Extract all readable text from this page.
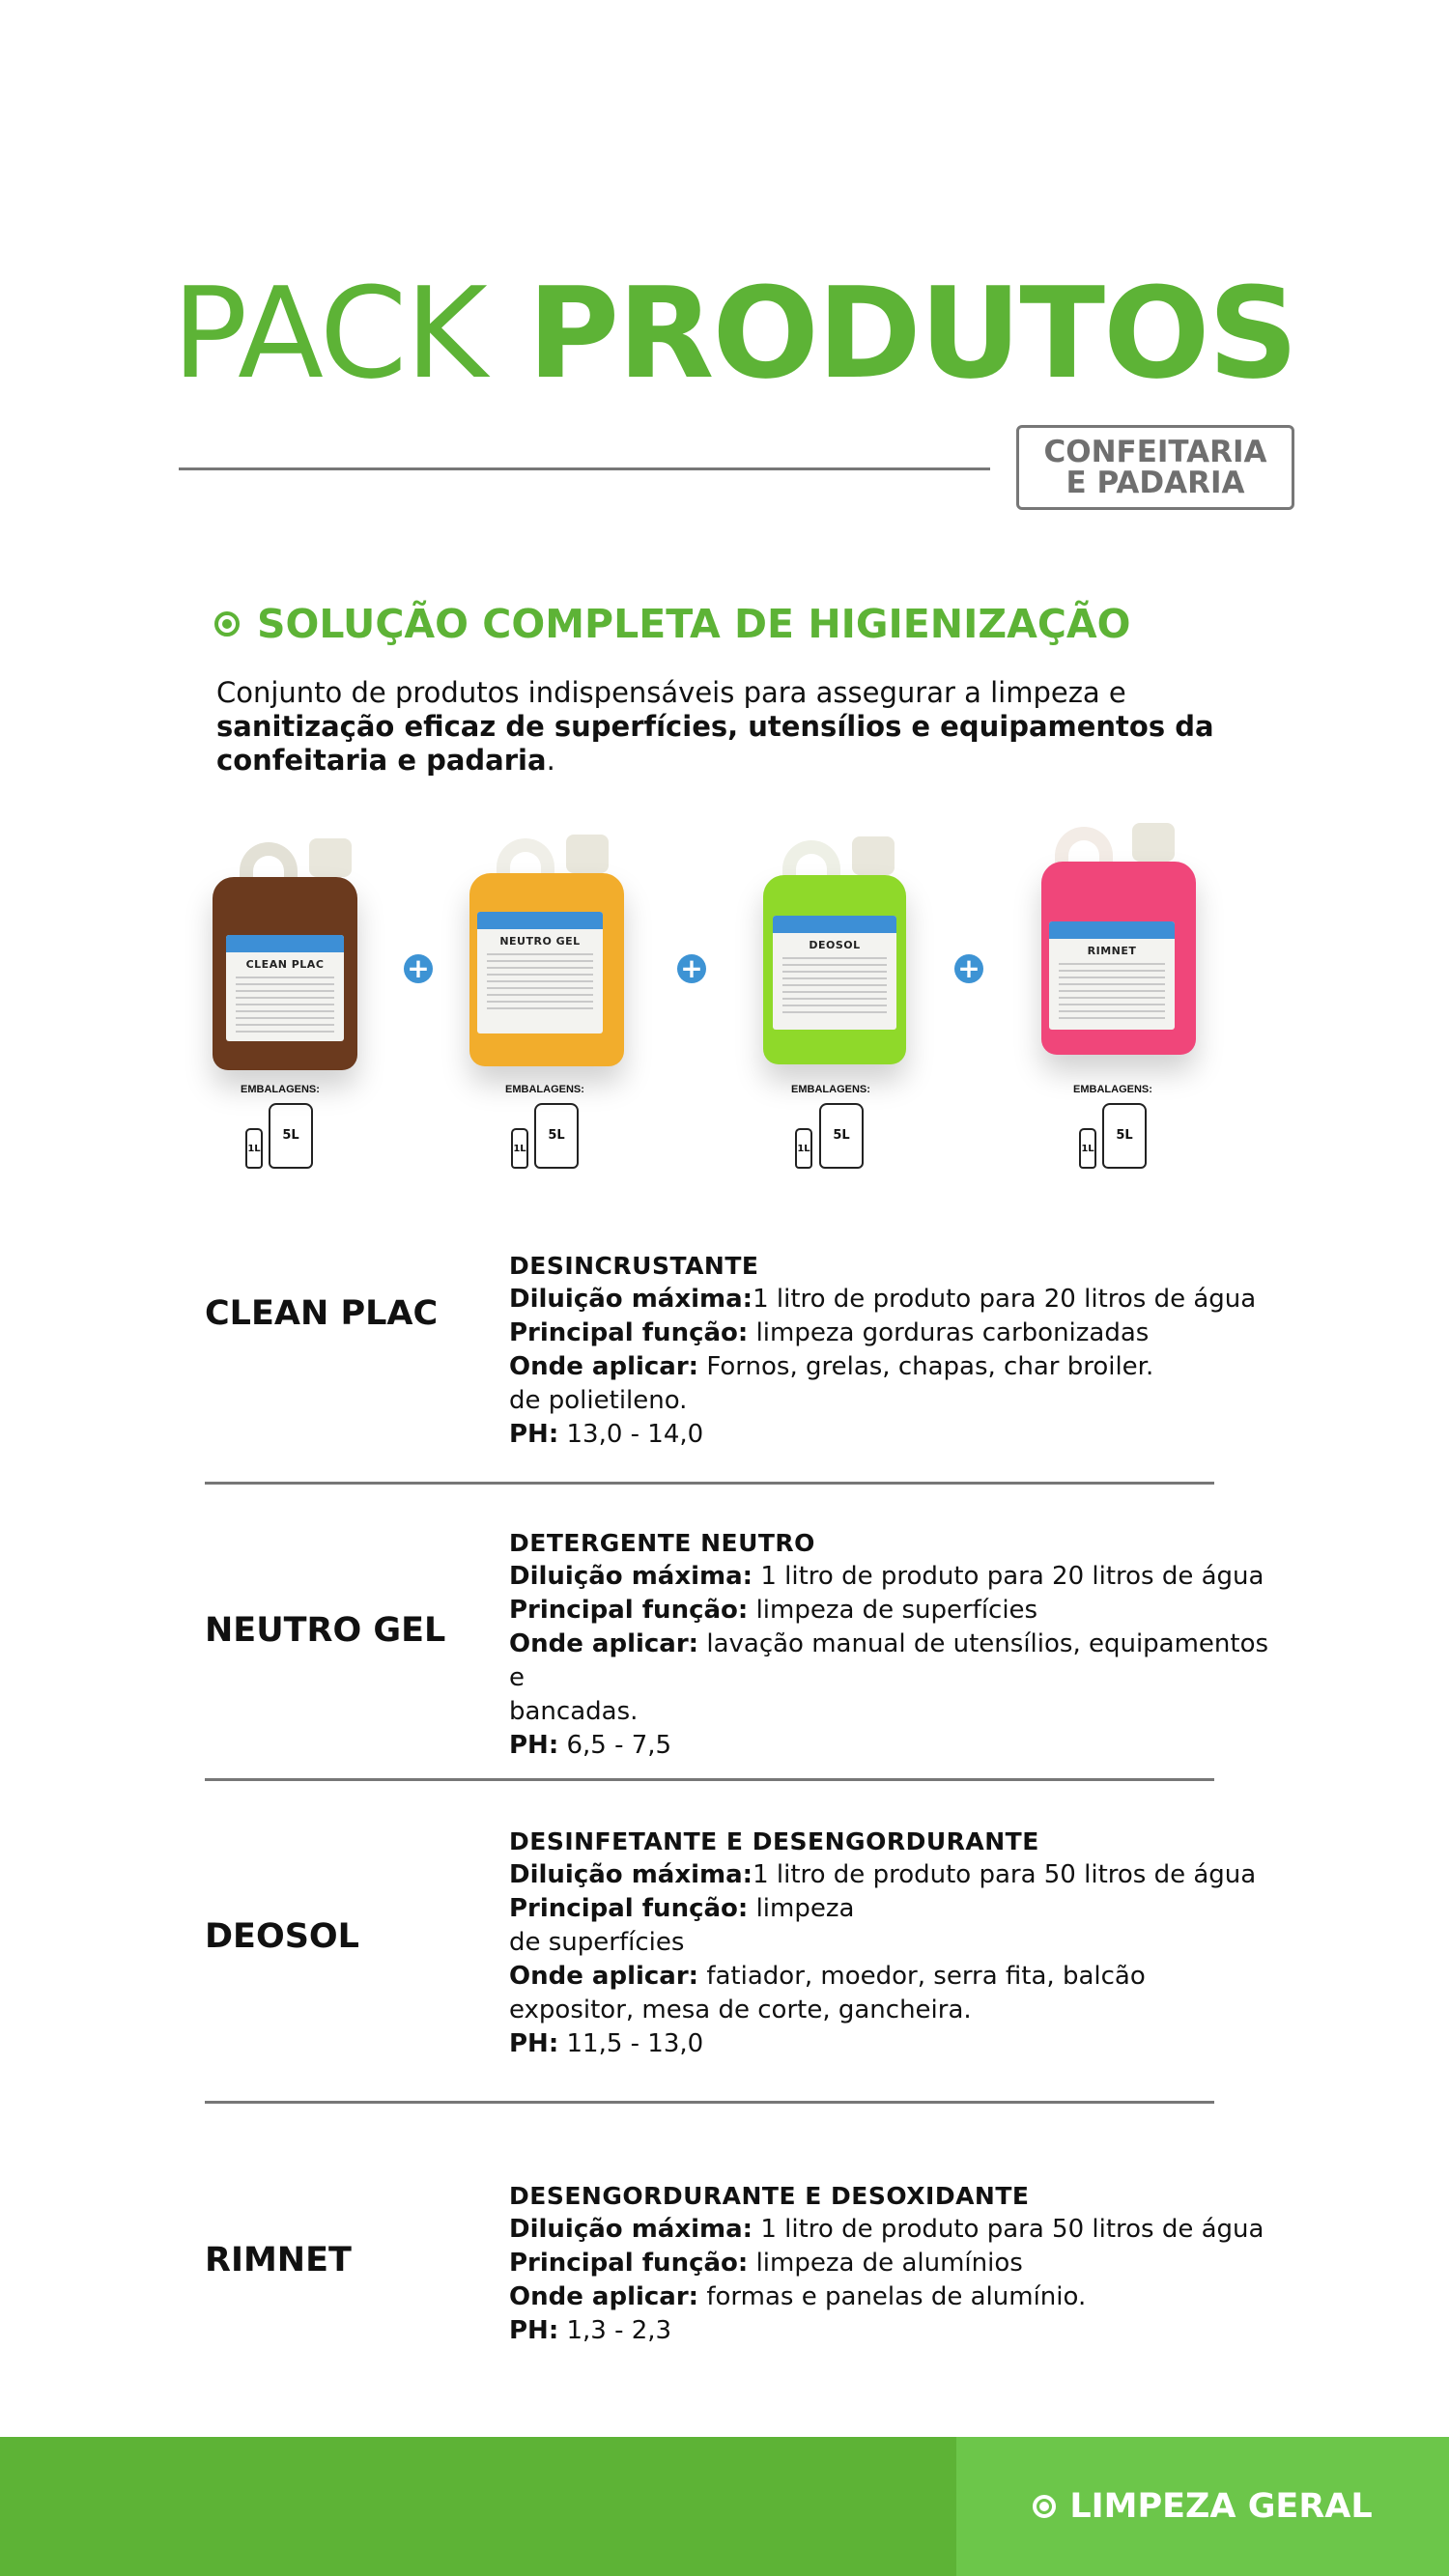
PACK PRODUTOS
CONFEITARIA
E PADARIA
SOLUÇÃO COMPLETA DE HIGIENIZAÇÃO

Conjunto de produtos indispensáveis para assegurar a limpeza e
sanitização eficaz de superfícies, utensílios e equipamentos da confeitaria e padaria.

CLEAN PLAC	+
NEUTRO GEL
+
DEOSOL
+
RIMNET
EMBALAGENS:
1L
5L
EMBALAGENS:
1L
5L
EMBALAGENS:
1L
5L
EMBALAGENS:
1L
5L
CLEAN PLAC
DESINCRUSTANTE
Diluição máxima:1 litro de produto para 20 litros de água
Principal função: limpeza gorduras carbonizadas
Onde aplicar: Fornos, grelas, chapas, char broiler.
de polietileno.
PH: 13,0 - 14,0
NEUTRO GEL
DETERGENTE NEUTRO
Diluição máxima: 1 litro de produto para 20 litros de água
Principal função: limpeza de superfícies
Onde aplicar: lavação manual de utensílios, equipamentos e
bancadas.
PH: 6,5 - 7,5
DEOSOL
DESINFETANTE E DESENGORDURANTE
Diluição máxima:1 litro de produto para 50 litros de água
Principal função: limpeza
de superfícies
Onde aplicar: fatiador, moedor, serra fita, balcão
expositor, mesa de corte, gancheira.
PH: 11,5 - 13,0
RIMNET
DESENGORDURANTE E DESOXIDANTE
Diluição máxima: 1 litro de produto para 50 litros de água
Principal função: limpeza de alumínios
Onde aplicar: formas e panelas de alumínio.
PH: 1,3 - 2,3
LIMPEZA GERAL
